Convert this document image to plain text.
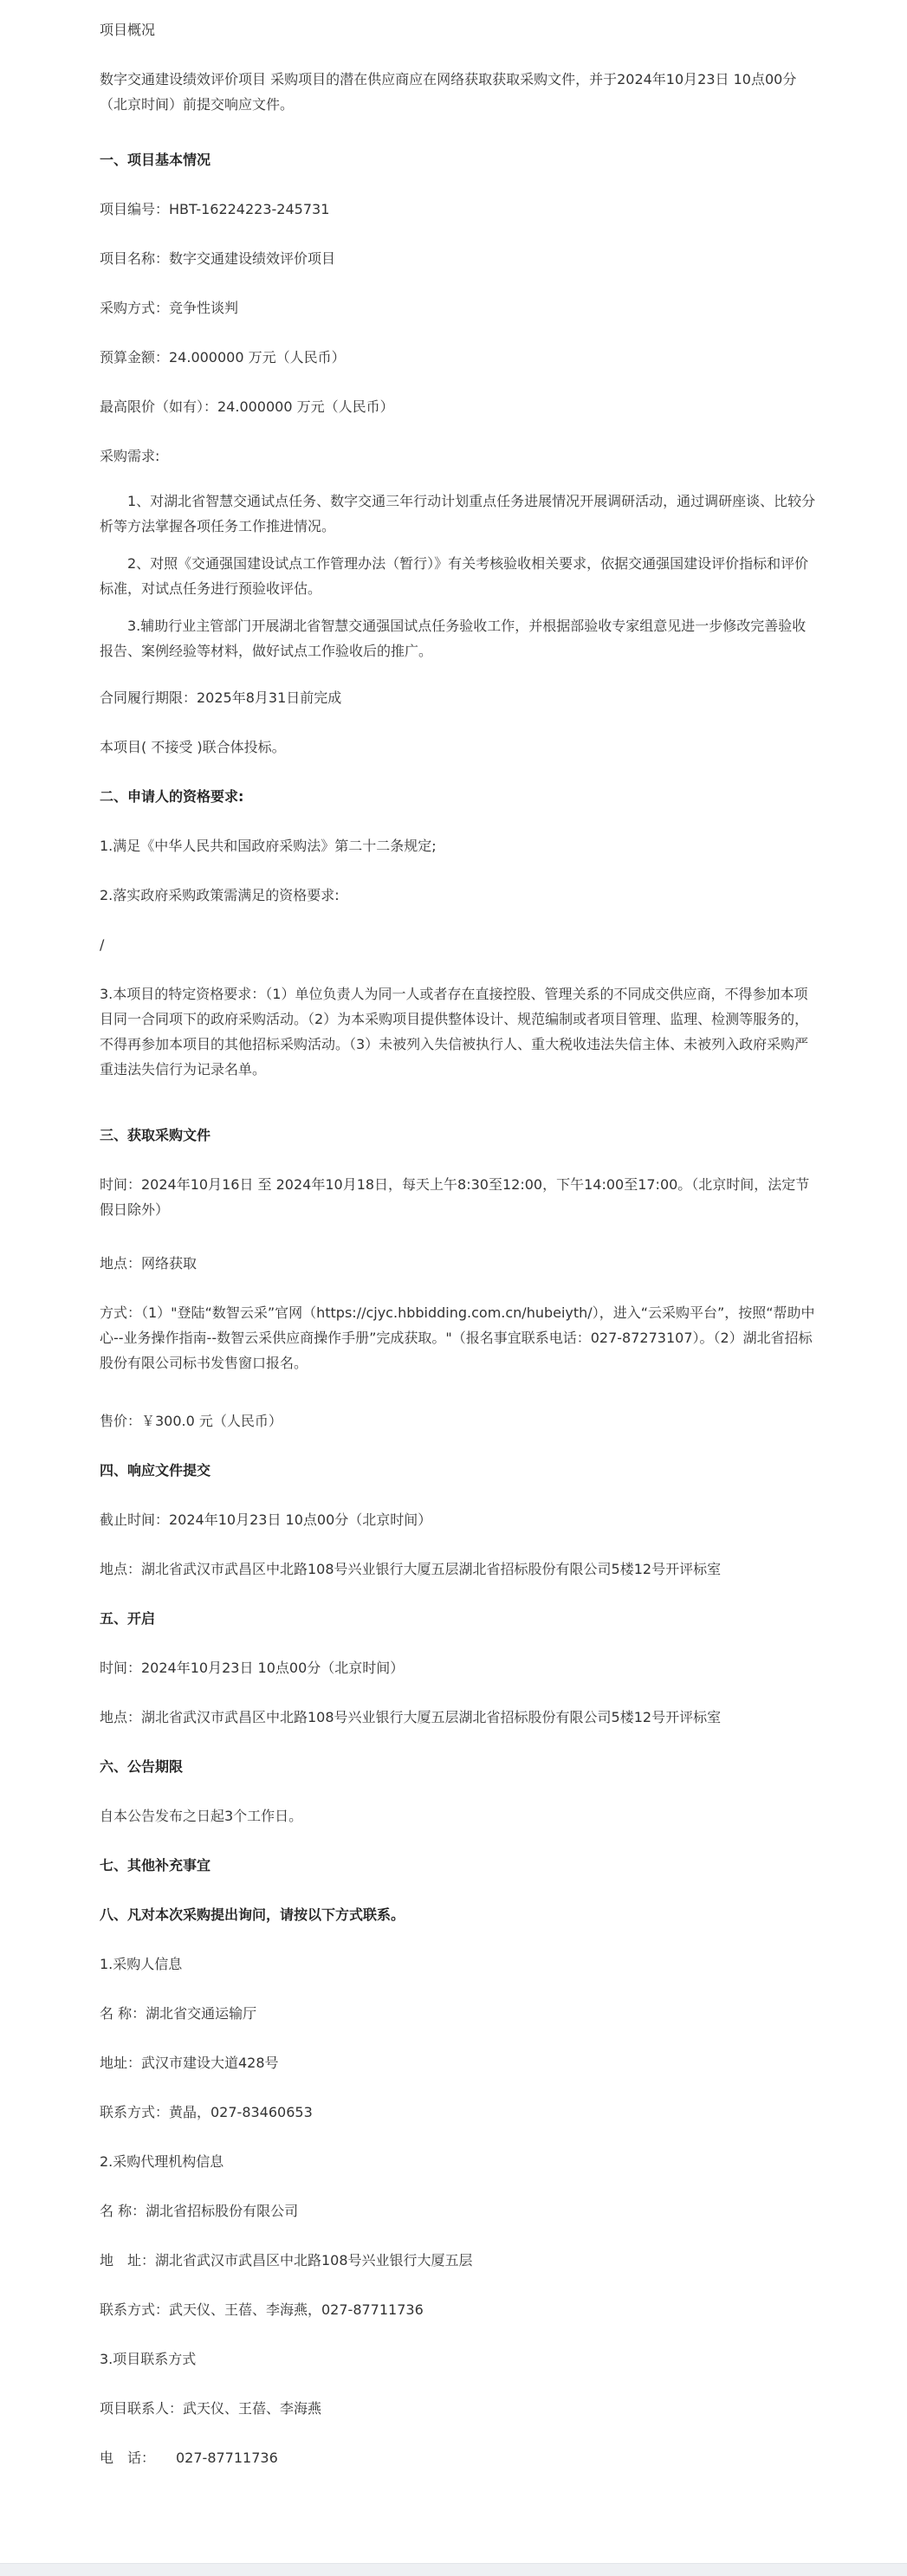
项目概况

数字交通建设绩效评价项目 采购项目的潜在供应商应在网络获取获取采购文件，并于2024年10月23日 10点00分（北京时间）前提交响应文件。

一、项目基本情况

项目编号：HBT-16224223-245731

项目名称：数字交通建设绩效评价项目

采购方式：竞争性谈判

预算金额：24.000000 万元（人民币）

最高限价（如有）：24.000000 万元（人民币）

采购需求:

1、对湖北省智慧交通试点任务、数字交通三年行动计划重点任务进展情况开展调研活动，通过调研座谈、比较分析等方法掌握各项任务工作推进情况。

2、对照《交通强国建设试点工作管理办法（暂行）》有关考核验收相关要求，依据交通强国建设评价指标和评价标准，对试点任务进行预验收评估。

3.辅助行业主管部门开展湖北省智慧交通强国试点任务验收工作，并根据部验收专家组意见进一步修改完善验收报告、案例经验等材料，做好试点工作验收后的推广。

合同履行期限：2025年8月31日前完成

本项目( 不接受 )联合体投标。

二、申请人的资格要求:

1.满足《中华人民共和国政府采购法》第二十二条规定;

2.落实政府采购政策需满足的资格要求:

/

3.本项目的特定资格要求：（1）单位负责人为同一人或者存在直接控股、管理关系的不同成交供应商，不得参加本项目同一合同项下的政府采购活动。（2）为本采购项目提供整体设计、规范编制或者项目管理、监理、检测等服务的，不得再参加本项目的其他招标采购活动。（3）未被列入失信被执行人、重大税收违法失信主体、未被列入政府采购严重违法失信行为记录名单。

三、获取采购文件

时间：2024年10月16日 至 2024年10月18日，每天上午8:30至12:00，下午14:00至17:00。（北京时间，法定节假日除外）

地点：网络获取

方式：（1）"登陆“数智云采”官网（https://cjyc.hbbidding.com.cn/hubeiyth/），进入“云采购平台”，按照“帮助中心--业务操作指南--数智云采供应商操作手册”完成获取。"（报名事宜联系电话：027-87273107）。（2）湖北省招标股份有限公司标书发售窗口报名。

售价：￥300.0 元（人民币）

四、响应文件提交

截止时间：2024年10月23日 10点00分（北京时间）

地点：湖北省武汉市武昌区中北路108号兴业银行大厦五层湖北省招标股份有限公司5楼12号开评标室

五、开启

时间：2024年10月23日 10点00分（北京时间）

地点：湖北省武汉市武昌区中北路108号兴业银行大厦五层湖北省招标股份有限公司5楼12号开评标室

六、公告期限

自本公告发布之日起3个工作日。

七、其他补充事宜

八、凡对本次采购提出询问，请按以下方式联系。

1.采购人信息

名 称：湖北省交通运输厅

地址：武汉市建设大道428号

联系方式：黄晶，027-83460653

2.采购代理机构信息

名 称：湖北省招标股份有限公司

地　址：湖北省武汉市武昌区中北路108号兴业银行大厦五层

联系方式：武天仪、王蓓、李海燕，027-87711736

3.项目联系方式

项目联系人：武天仪、王蓓、李海燕

电　话：　　027-87711736
